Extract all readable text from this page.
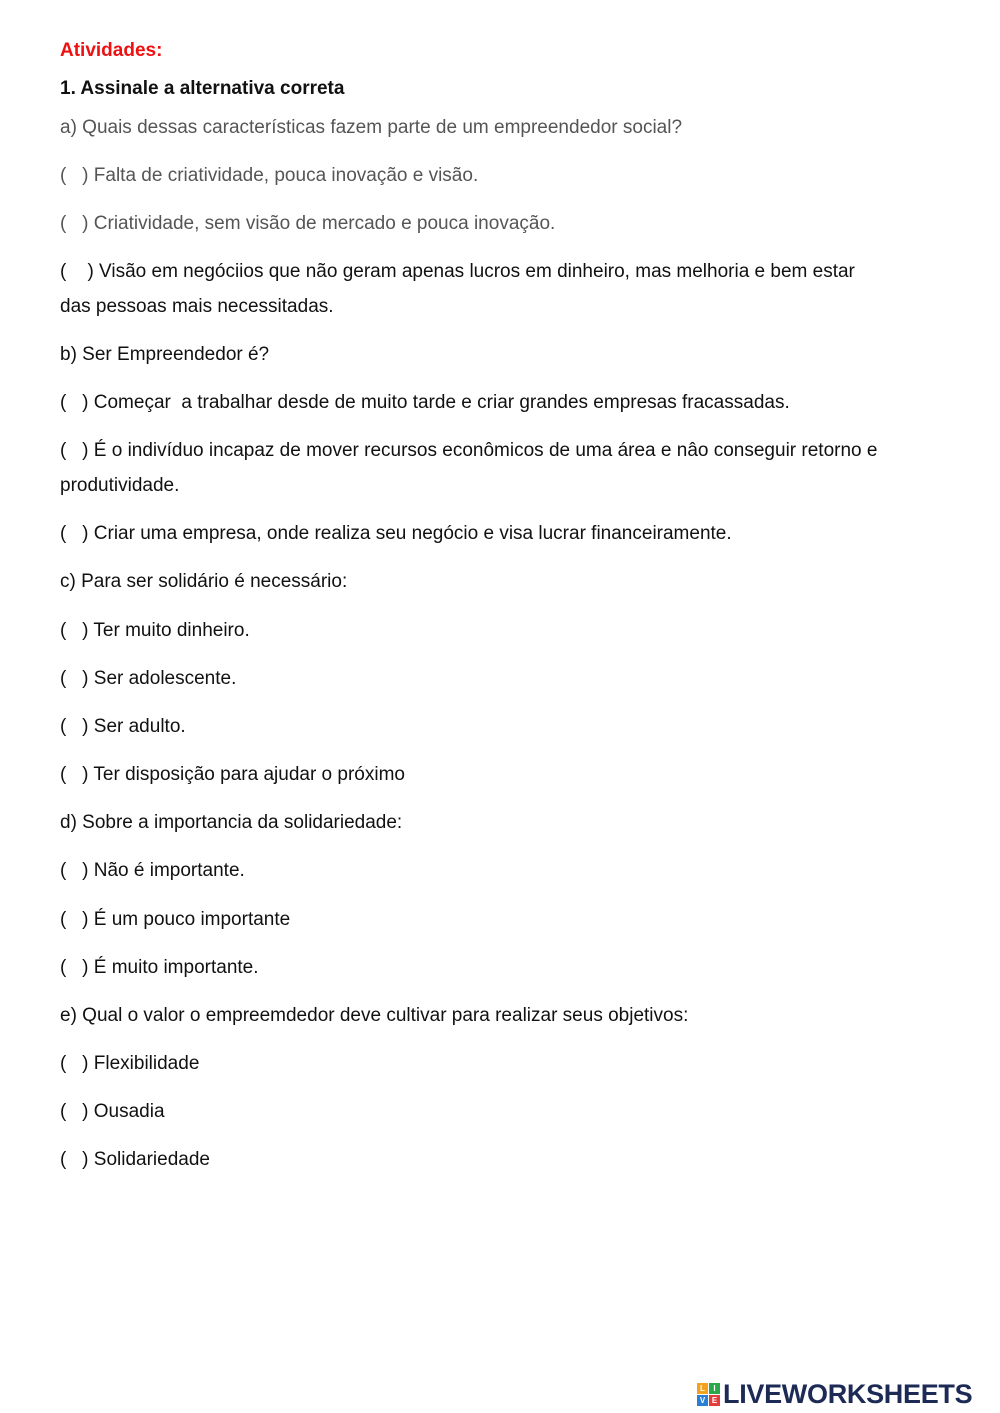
Atividades:
1. Assinale a alternativa correta
a) Quais dessas características fazem parte de um empreendedor social?
(   ) Falta de criatividade, pouca inovação e visão.
(   ) Criatividade, sem visão de mercado e pouca inovação.
(    ) Visão em negóciios que não geram apenas lucros em dinheiro, mas melhoria e bem estar das pessoas mais necessitadas.
b) Ser Empreendedor é?
(   ) Começar  a trabalhar desde de muito tarde e criar grandes empresas fracassadas.
(   ) É o indivíduo incapaz de mover recursos econômicos de uma área e nâo conseguir retorno e  produtividade.
(   ) Criar uma empresa, onde realiza seu negócio e visa lucrar financeiramente.
c) Para ser solidário é necessário:
(   ) Ter muito dinheiro.
(   ) Ser adolescente.
(   ) Ser adulto.
(   ) Ter disposição para ajudar o próximo
d) Sobre a importancia da solidariedade:
(   ) Não é importante.
(   ) É um pouco importante
(   ) É muito importante.
e) Qual o valor o empreemdedor deve cultivar para realizar seus objetivos:
(   ) Flexibilidade
(   ) Ousadia
(   ) Solidariedade
L	I
V E LIVEWORKSHEETS
